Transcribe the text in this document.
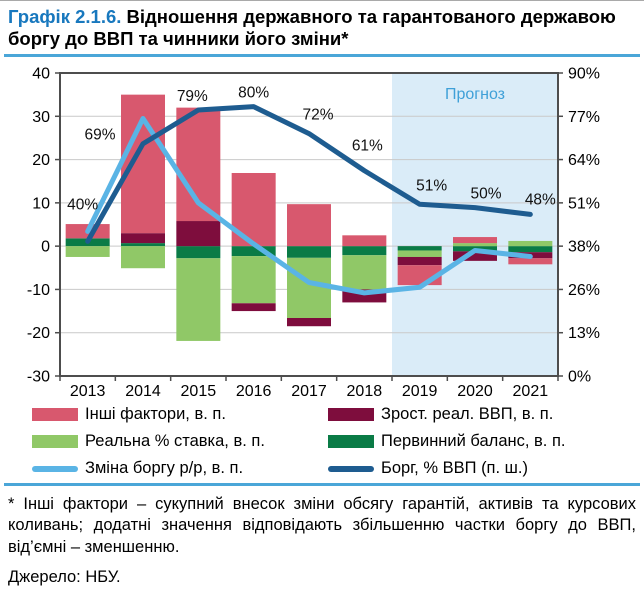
Графік 2.1.6. Відношення державного та гарантованого державою боргу до ВВП та чинники його зміни*
40
30
20
10
0
-10
-20
-30
90%
77%
64%
51%
38%
26%
13%
0%
2013 2014 2015 2016 2017 2018 2019 2020 2021
Прогноз
40%
69%
79% 80%
72%
61%
51% 50% 48%
Інші фактори, в. п.	Зрост. реал. ВВП, в. п.
Реальна % ставка, в. п.	Первинний баланс, в. п.
Зміна боргу р/р, в. п.	Борг, % ВВП (п. ш.)
* Інші фактори – сукупний внесок зміни обсягу гарантій, активів та курсових коливань; додатні значення відповідають збільшенню частки боргу до ВВП, від’ємні – зменшенню.
Джерело: НБУ.
